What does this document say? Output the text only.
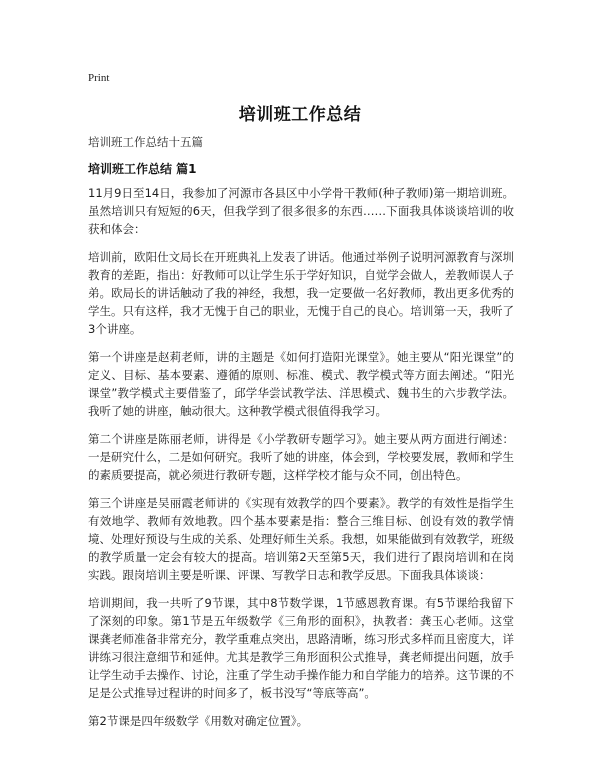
Print
培训班工作总结
培训班工作总结十五篇
培训班工作总结 篇1

11月9日至14日，我参加了河源市各县区中小学骨干教师(种子教师)第一期培训班。虽然培训只有短短的6天，但我学到了很多很多的东西……下面我具体谈谈培训的收获和体会：

培训前，欧阳仕文局长在开班典礼上发表了讲话。他通过举例子说明河源教育与深圳教育的差距，指出：好教师可以让学生乐于学好知识，自觉学会做人，差教师误人子弟。欧局长的讲话触动了我的神经，我想，我一定要做一名好教师，教出更多优秀的学生。只有这样，我才无愧于自己的职业，无愧于自己的良心。培训第一天，我听了3个讲座。

第一个讲座是赵莉老师，讲的主题是《如何打造阳光课堂》。她主要从“阳光课堂”的定义、目标、基本要素、遵循的原则、标准、模式、教学模式等方面去阐述。“阳光课堂”教学模式主要借鉴了，邱学华尝试教学法、洋思模式、魏书生的六步教学法。我听了她的讲座，触动很大。这种教学模式很值得我学习。

第二个讲座是陈丽老师，讲得是《小学教研专题学习》。她主要从两方面进行阐述：一是研究什么，二是如何研究。我听了她的讲座，体会到，学校要发展，教师和学生的素质要提高，就必须进行教研专题，这样学校才能与众不同，创出特色。

第三个讲座是吴丽霞老师讲的《实现有效教学的四个要素》。教学的有效性是指学生有效地学、教师有效地教。四个基本要素是指：整合三维目标、创设有效的教学情境、处理好预设与生成的关系、处理好师生关系。我想，如果能做到有效教学，班级的教学质量一定会有较大的提高。培训第2天至第5天，我们进行了跟岗培训和在岗实践。跟岗培训主要是听课、评课、写教学日志和教学反思。下面我具体谈谈：

培训期间，我一共听了9节课，其中8节数学课，1节感恩教育课。有5节课给我留下了深刻的印象。第1节是五年级数学《三角形的面积》，执教者：龚玉心老师。这堂课龚老师准备非常充分，教学重难点突出，思路清晰，练习形式多样而且密度大，详讲练习很注意细节和延伸。尤其是教学三角形面积公式推导，龚老师提出问题，放手让学生动手去操作、讨论，注重了学生动手操作能力和自学能力的培养。这节课的不足是公式推导过程讲的时间多了，板书没写“等底等高”。

第2节课是四年级数学《用数对确定位置》。
